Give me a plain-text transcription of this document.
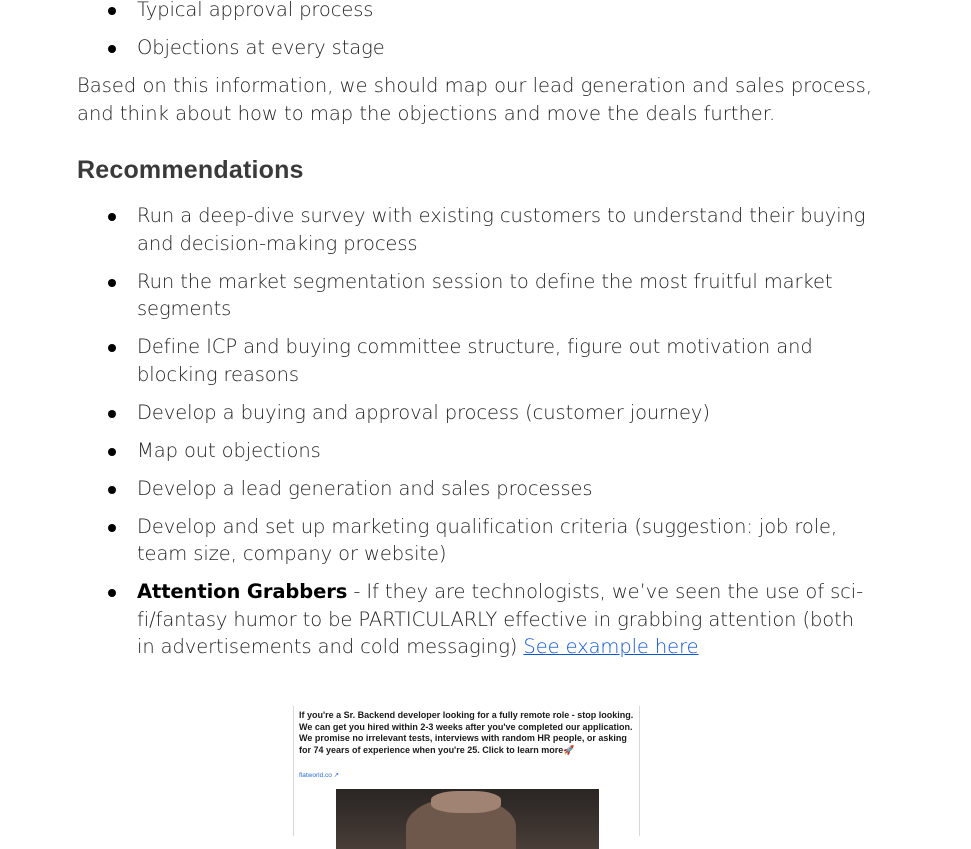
Typical approval process
Objections at every stage

Based on this information, we should map our lead generation and sales process, and think about how to map the objections and move the deals further.

Recommendations
Run a deep-dive survey with existing customers to understand their buying and decision-making process
Run the market segmentation session to define the most fruitful market segments
Define ICP and buying committee structure, figure out motivation and blocking reasons
Develop a buying and approval process (customer journey)
Map out objections
Develop a lead generation and sales processes
Develop and set up marketing qualification criteria (suggestion: job role, team size, company or website)
Attention Grabbers - If they are technologists, we’ve seen the use of sci-fi/fantasy humor to be PARTICULARLY effective in grabbing attention (both in advertisements and cold messaging) See example here

If you're a Sr. Backend developer looking for a fully remote role - stop looking. We can get you hired within 2-3 weeks after you've completed our application. We promise no irrelevant tests, interviews with random HR people, or asking for 74 years of experience when you're 25. Click to learn more🚀

flatworld.co ↗
